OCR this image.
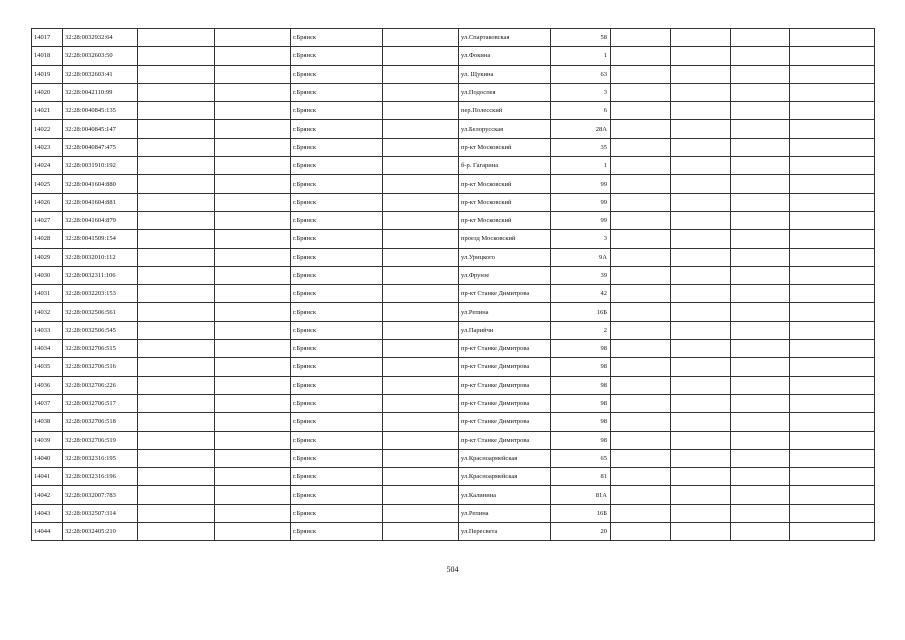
14017	32:28:0032932:64			г.Брянск		ул.Спартаковская	58				
14018	32:28:0032603:50			г.Брянск		ул.Фокина	1				
14019	32:28:0032603:41			г.Брянск		ул. Щукина	63				
14020	32:28:0042110:99			г.Брянск		ул.Подоспея	3				
14021	32:28:0040845:135			г.Брянск		пер.Полесский	6				
14022	32:28:0040845:147			г.Брянск		ул.Белорусская	28А				
14023	32:28:0040847:475			г.Брянск		пр-кт Московский	35				
14024	32:28:0031910:192			г.Брянск		б-р. Гагарина	1				
14025	32:28:0041604:880			г.Брянск		пр-кт Московский	99				
14026	32:28:0041604:881			г.Брянск		пр-кт Московский	99				
14027	32:28:0041604:879			г.Брянск		пр-кт Московский	99				
14028	32:28:0041509:154			г.Брянск		проезд Московский	3				
14029	32:28:0032010:112			г.Брянск		ул.Урицкого	9А				
14030	32:28:0032311:106			г.Брянск		ул.Фрунзе	39				
14031	32:28:0032203:153			г.Брянск		пр-кт Станке Димитрова	42				
14032	32:28:0032506:561			г.Брянск		ул.Репина	16Б				
14033	32:28:0032506:545			г.Брянск		ул.Парийчи	2				
14034	32:28:0032706:515			г.Брянск		пр-кт Станке Димитрова	98				
14035	32:28:0032706:516			г.Брянск		пр-кт Станке Димитрова	98				
14036	32:28:0032706:226			г.Брянск		пр-кт Станке Димитрова	98				
14037	32:28:0032706:517			г.Брянск		пр-кт Станке Димитрова	98				
14038	32:28:0032706:518			г.Брянск		пр-кт Станке Димитрова	98				
14039	32:28:0032706:519			г.Брянск		пр-кт Станке Димитрова	98				
14040	32:28:0032316:195			г.Брянск		ул.Красноармейская	65				
14041	32:28:0032316:196			г.Брянск		ул.Красноармейская	81				
14042	32:28:0032007:783			г.Брянск		ул.Калинина	81А				
14043	32:28:0032507:314			г.Брянск		ул.Репина	16Б				
14044	32:28:0032405:210			г.Брянск		ул.Пересвета	20				
504
